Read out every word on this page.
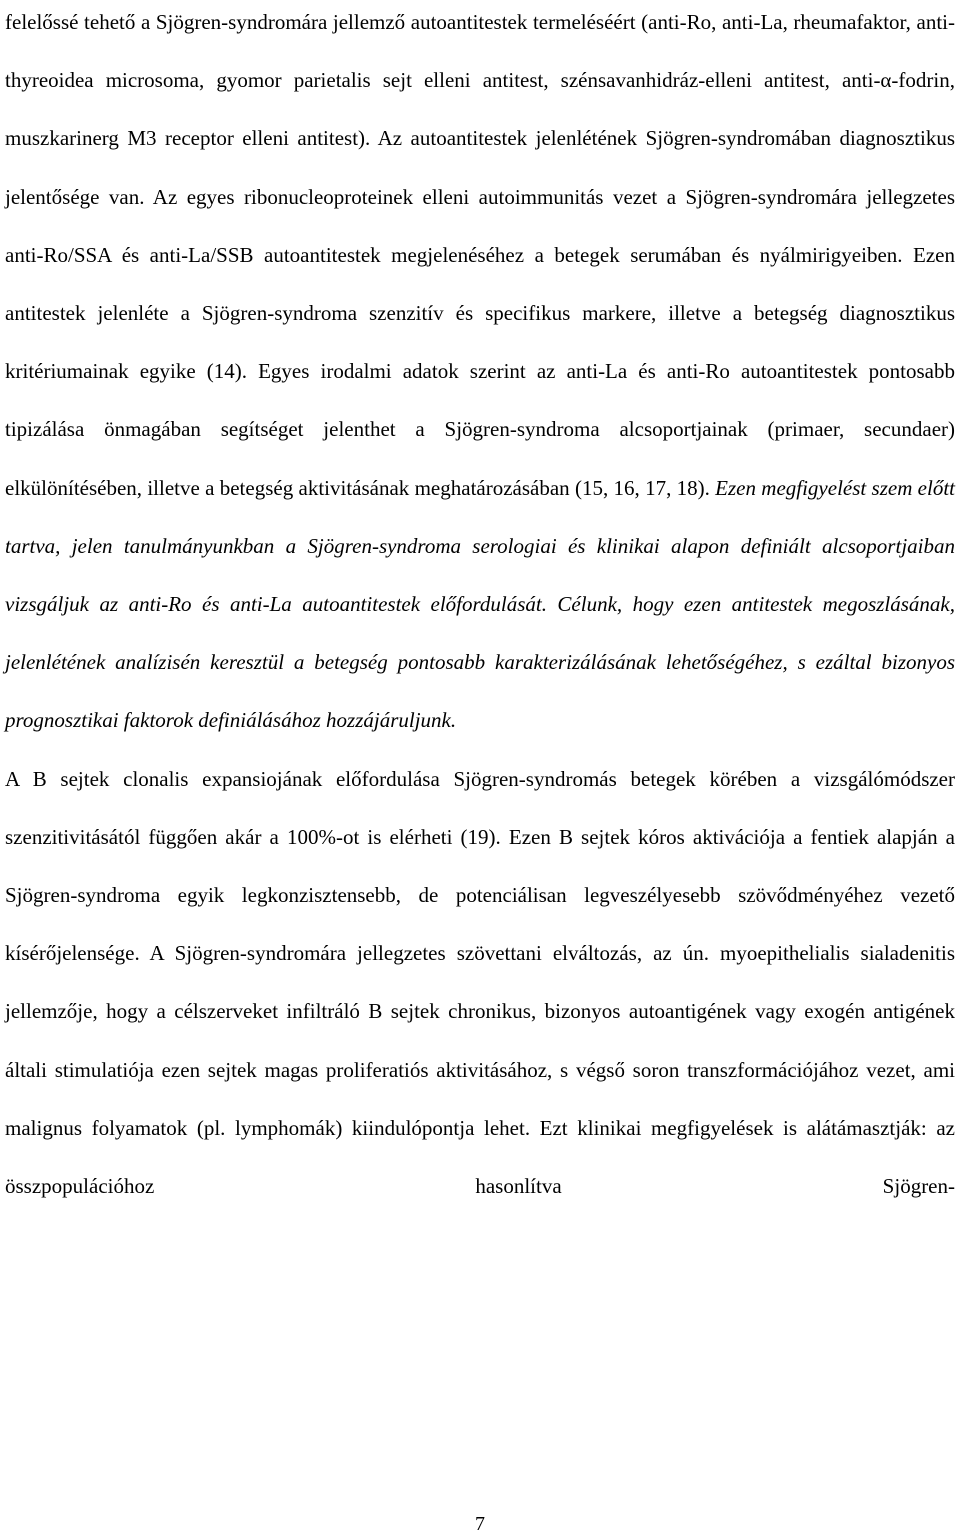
felelőssé tehető a Sjögren-syndromára jellemző autoantitestek termeléséért (anti-Ro, anti-La, rheumafaktor, anti-thyreoidea microsoma, gyomor parietalis sejt elleni antitest, szénsavanhidráz-elleni antitest, anti-α-fodrin, muszkarinerg M3 receptor elleni antitest). Az autoantitestek jelenlétének Sjögren-syndromában diagnosztikus jelentősége van. Az egyes ribonucleoproteinek elleni autoimmunitás vezet a Sjögren-syndromára jellegzetes anti-Ro/SSA és anti-La/SSB autoantitestek megjelenéséhez a betegek serumában és nyálmirigyeiben. Ezen antitestek jelenléte a Sjögren-syndroma szenzitív és specifikus markere, illetve a betegség diagnosztikus kritériumainak egyike (14). Egyes irodalmi adatok szerint az anti-La és anti-Ro autoantitestek pontosabb tipizálása önmagában segítséget jelenthet a Sjögren-syndroma alcsoportjainak (primaer, secundaer) elkülönítésében, illetve a betegség aktivitásának meghatározásában (15, 16, 17, 18). Ezen megfigyelést szem előtt tartva, jelen tanulmányunkban a Sjögren-syndroma serologiai és klinikai alapon definiált alcsoportjaiban vizsgáljuk az anti-Ro és anti-La autoantitestek előfordulását. Célunk, hogy ezen antitestek megoszlásának, jelenlétének analízisén keresztül a betegség pontosabb karakterizálásának lehetőségéhez, s ezáltal bizonyos prognosztikai faktorok definiálásához hozzájáruljunk.

A B sejtek clonalis expansiojának előfordulása Sjögren-syndromás betegek körében a vizsgálómódszer szenzitivitásától függően akár a 100%-ot is elérheti (19). Ezen B sejtek kóros aktivációja a fentiek alapján a Sjögren-syndroma egyik legkonzisztensebb, de potenciálisan legveszélyesebb szövődményéhez vezető kísérőjelensége. A Sjögren-syndromára jellegzetes szövettani elváltozás, az ún. myoepithelialis sialadenitis jellemzője, hogy a célszerveket infiltráló B sejtek chronikus, bizonyos autoantigének vagy exogén antigének általi stimulatiója ezen sejtek magas proliferatiós aktivitásához, s végső soron transzformációjához vezet, ami malignus folyamatok (pl. lymphomák) kiindulópontja lehet. Ezt klinikai megfigyelések is alátámasztják: az összpopulációhoz hasonlítva Sjögren-

7
